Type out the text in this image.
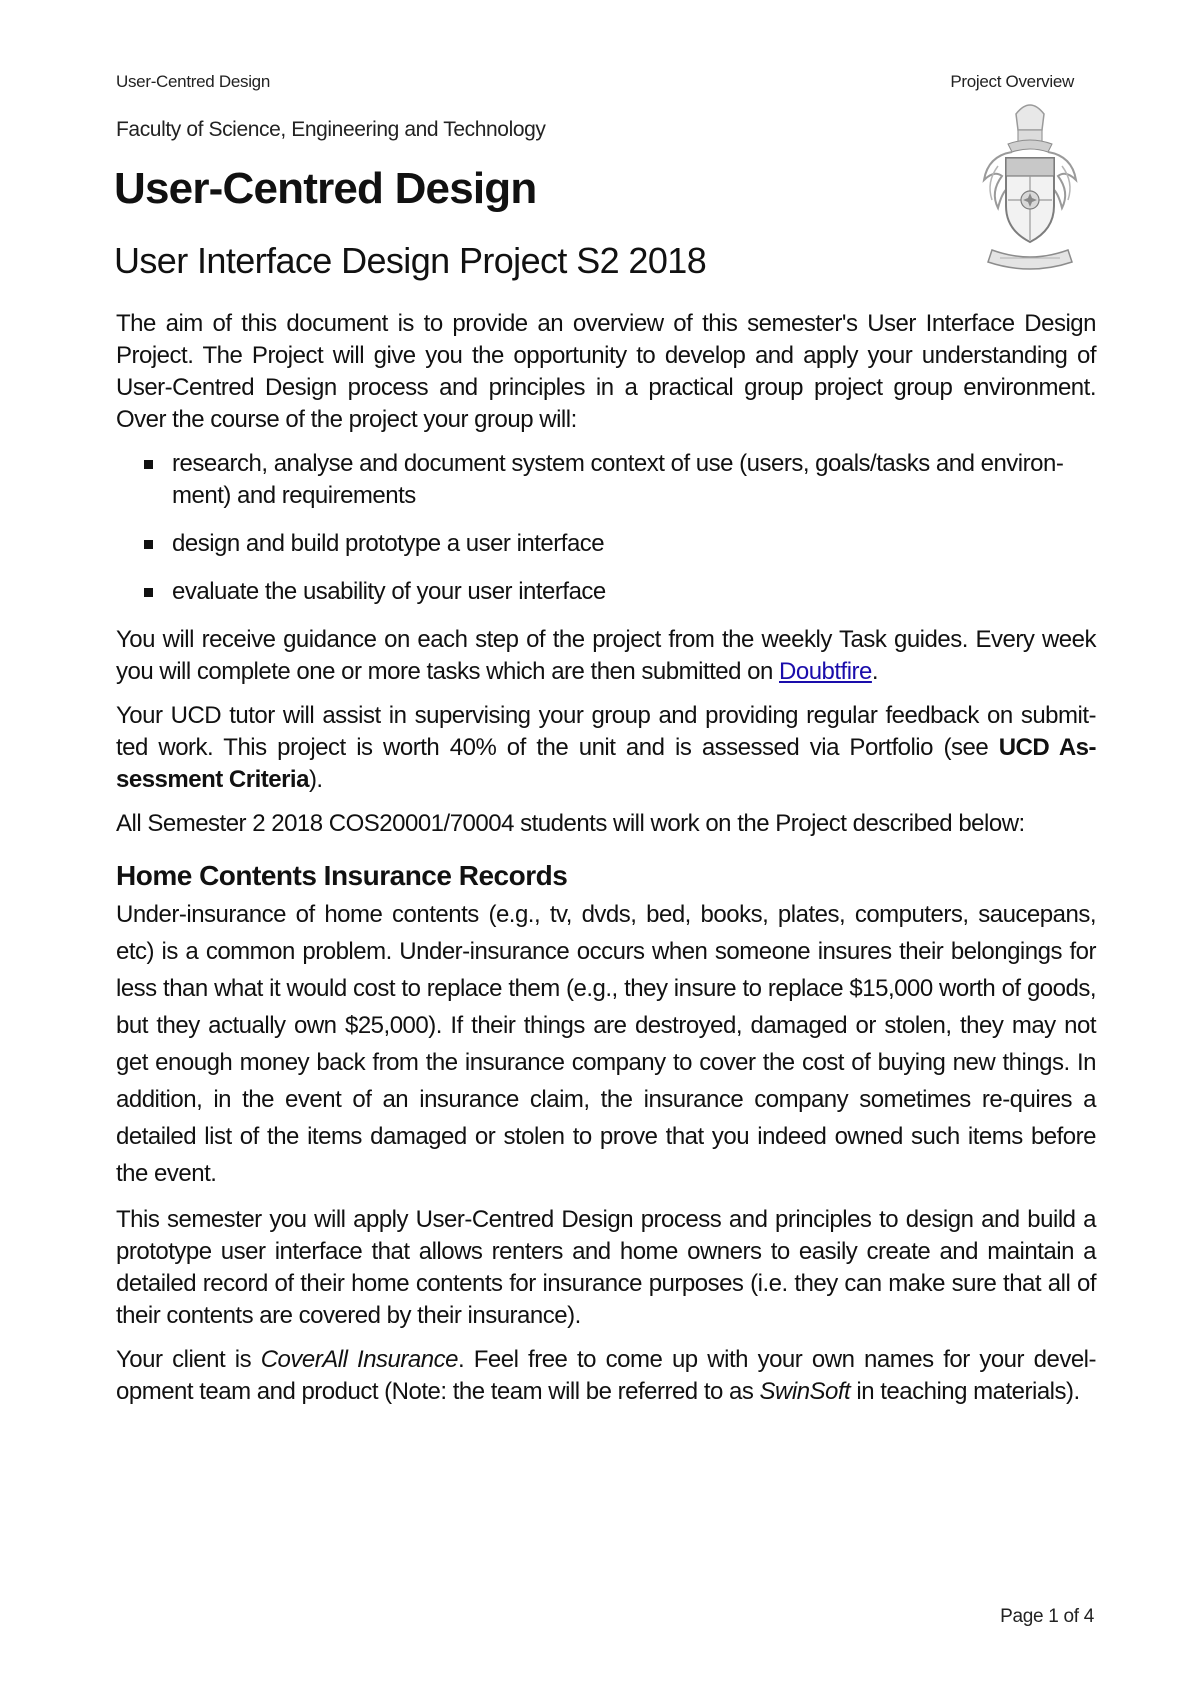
User-Centred Design	Project Overview
Faculty of Science, Engineering and Technology
User-Centred Design
User Interface Design Project S2 2018

The aim of this document is to provide an overview of this semester's User Interface Design Project. The Project will give you the opportunity to develop and apply your understanding of User-Centred Design process and principles in a practical group project group environment. Over the course of the project your group will:

research, analyse and document system context of use (users, goals/tasks and environ-ment) and requirements
design and build prototype a user interface
evaluate the usability of your user interface

You will receive guidance on each step of the project from the weekly Task guides. Every week you will complete one or more tasks which are then submitted on Doubtfire.

Your UCD tutor will assist in supervising your group and providing regular feedback on submit-ted work. This project is worth 40% of the unit and is assessed via Portfolio (see UCD As-sessment Criteria).

All Semester 2 2018 COS20001/70004 students will work on the Project described below:

Home Contents Insurance Records

Under-insurance of home contents (e.g., tv, dvds, bed, books, plates, computers, saucepans, etc) is a common problem. Under-insurance occurs when someone insures their belongings for less than what it would cost to replace them (e.g., they insure to replace $15,000 worth of goods, but they actually own $25,000). If their things are destroyed, damaged or stolen, they may not get enough money back from the insurance company to cover the cost of buying new things. In addition, in the event of an insurance claim, the insurance company sometimes re-quires a detailed list of the items damaged or stolen to prove that you indeed owned such items before the event.

This semester you will apply User-Centred Design process and principles to design and build a prototype user interface that allows renters and home owners to easily create and maintain a detailed record of their home contents for insurance purposes (i.e. they can make sure that all of their contents are covered by their insurance).

Your client is CoverAll Insurance. Feel free to come up with your own names for your devel-opment team and product (Note: the team will be referred to as SwinSoft in teaching materials).

Page 1 of 4
